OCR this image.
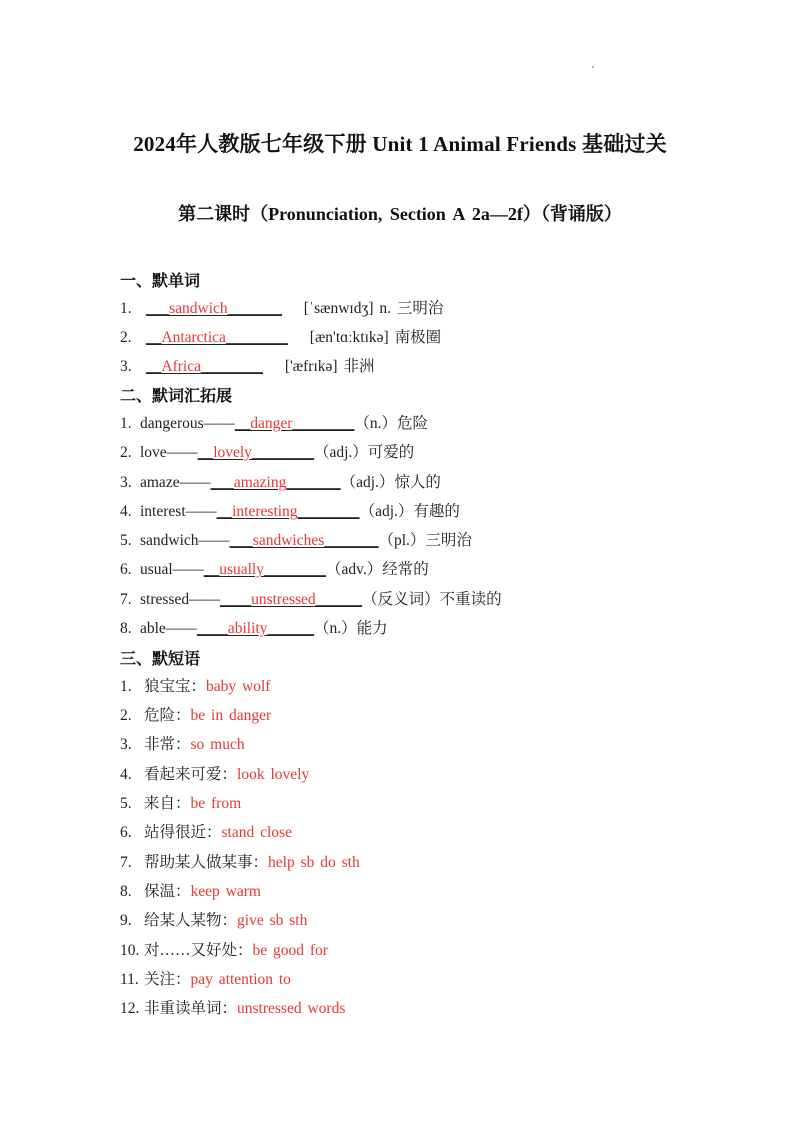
2024年人教版七年级下册 Unit 1 Animal Friends 基础过关
第二课时（Pronunciation, Section A 2a—2f）（背诵版）
一、默单词
1. ___sandwich_______ [ˈsænwɪdʒ] n. 三明治
2. __Antarctica________ [æn'tɑːktɪkə] 南极圈
3. __Africa________ ['æfrɪkə] 非洲
二、默词汇拓展
1. dangerous——__danger________（n.）危险
2. love——__lovely________（adj.）可爱的
3. amaze——___amazing_______（adj.）惊人的
4. interest——__interesting________（adj.）有趣的
5. sandwich——___sandwiches_______（pl.）三明治
6. usual——__usually________（adv.）经常的
7. stressed——____unstressed______（反义词）不重读的
8. able——____ability______（n.）能力
三、默短语
1. 狼宝宝：baby wolf
2. 危险：be in danger
3. 非常：so much
4. 看起来可爱：look lovely
5. 来自：be from
6. 站得很近：stand close
7. 帮助某人做某事：help sb do sth
8. 保温：keep warm
9. 给某人某物：give sb sth
10. 对……又好处：be good for
11. 关注：pay attention to
12. 非重读单词：unstressed words
